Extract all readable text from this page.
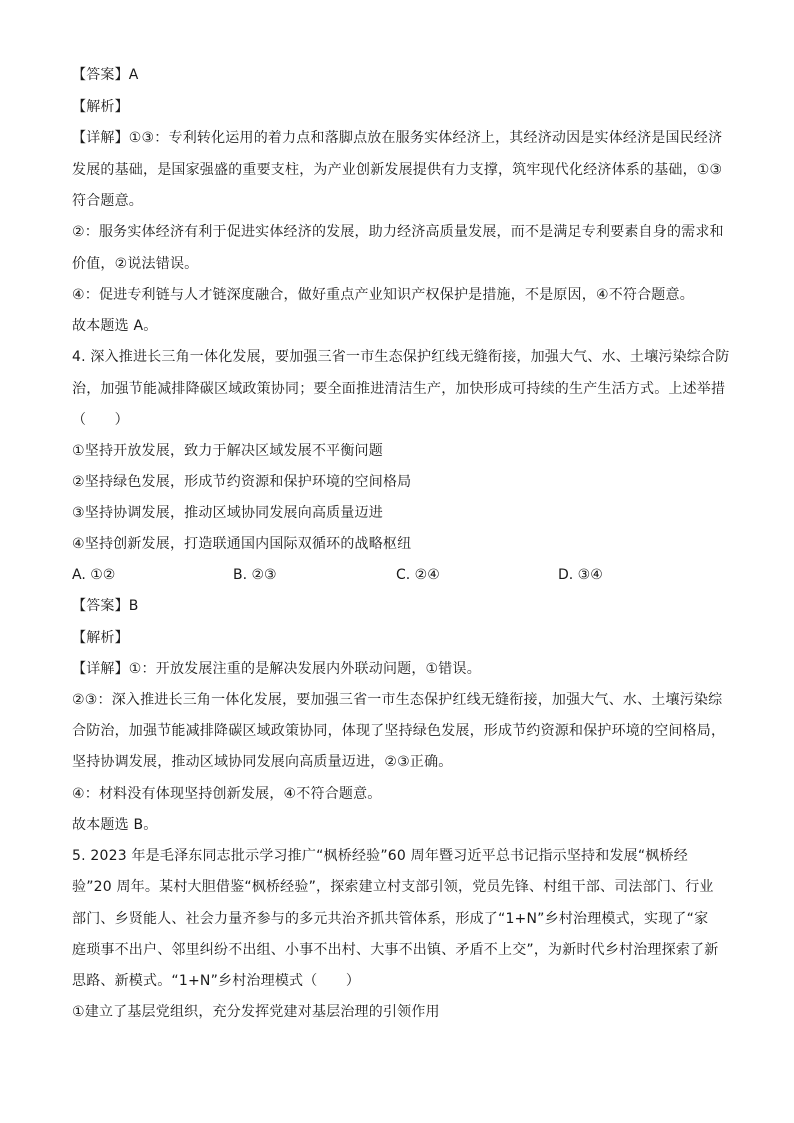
【答案】A
【解析】
【详解】①③：专利转化运用的着力点和落脚点放在服务实体经济上，其经济动因是实体经济是国民经济
发展的基础，是国家强盛的重要支柱，为产业创新发展提供有力支撑，筑牢现代化经济体系的基础，①③
符合题意。
②：服务实体经济有利于促进实体经济的发展，助力经济高质量发展，而不是满足专利要素自身的需求和
价值，②说法错误。
④：促进专利链与人才链深度融合，做好重点产业知识产权保护是措施，不是原因，④不符合题意。
故本题选 A。
4. 深入推进长三角一体化发展，要加强三省一市生态保护红线无缝衔接，加强大气、水、土壤污染综合防
治，加强节能减排降碳区域政策协同；要全面推进清洁生产，加快形成可持续的生产生活方式。上述举措
（　　）
①坚持开放发展，致力于解决区域发展不平衡问题
②坚持绿色发展，形成节约资源和保护环境的空间格局
③坚持协调发展，推动区域协同发展向高质量迈进
④坚持创新发展，打造联通国内国际双循环的战略枢纽
A. ①②	B. ②③	C. ②④	D. ③④
【答案】B
【解析】
【详解】①：开放发展注重的是解决发展内外联动问题，①错误。
②③：深入推进长三角一体化发展，要加强三省一市生态保护红线无缝衔接，加强大气、水、土壤污染综
合防治，加强节能减排降碳区域政策协同，体现了坚持绿色发展，形成节约资源和保护环境的空间格局，
坚持协调发展，推动区域协同发展向高质量迈进，②③正确。
④：材料没有体现坚持创新发展，④不符合题意。
故本题选 B。
5. 2023 年是毛泽东同志批示学习推广“枫桥经验”60 周年暨习近平总书记指示坚持和发展“枫桥经
验”20 周年。某村大胆借鉴“枫桥经验”，探索建立村支部引领，党员先锋、村组干部、司法部门、行业
部门、乡贤能人、社会力量齐参与的多元共治齐抓共管体系，形成了“1+N”乡村治理模式，实现了“家
庭琐事不出户、邻里纠纷不出组、小事不出村、大事不出镇、矛盾不上交”，为新时代乡村治理探索了新
思路、新模式。“1+N”乡村治理模式（　　）
①建立了基层党组织，充分发挥党建对基层治理的引领作用
